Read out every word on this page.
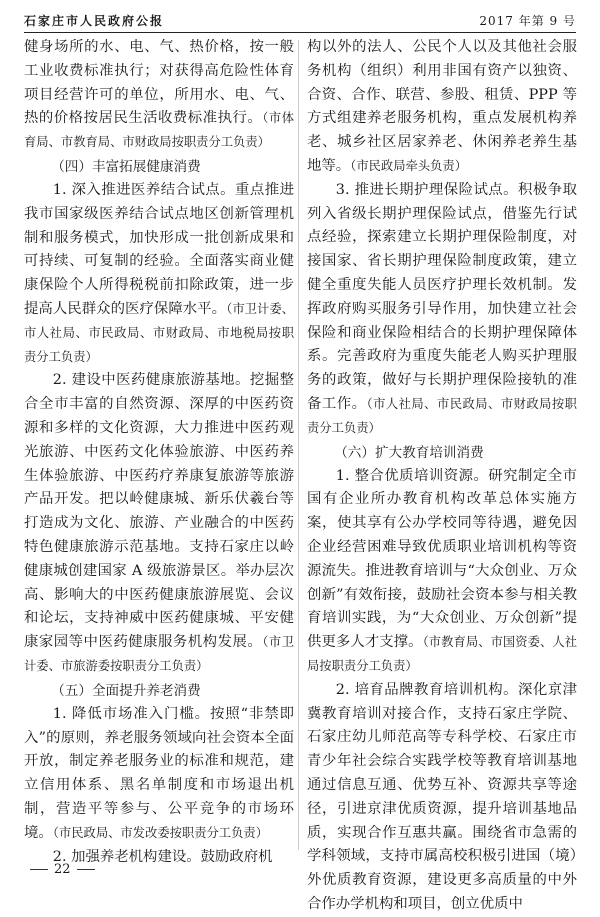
石家庄市人民政府公报	2017 年第 9 号

健身场所的水、电、气、热价格，按一般工业收费标准执行；对获得高危险性体育项目经营许可的单位，所用水、电、气、热的价格按居民生活收费标准执行。（市体育局、市教育局、市财政局按职责分工负责）

（四）丰富拓展健康消费

1. 深入推进医养结合试点。重点推进我市国家级医养结合试点地区创新管理机制和服务模式，加快形成一批创新成果和可持续、可复制的经验。全面落实商业健康保险个人所得税税前扣除政策，进一步提高人民群众的医疗保障水平。（市卫计委、市人社局、市民政局、市财政局、市地税局按职责分工负责）

2. 建设中医药健康旅游基地。挖掘整合全市丰富的自然资源、深厚的中医药资源和多样的文化资源，大力推进中医药观光旅游、中医药文化体验旅游、中医药养生体验旅游、中医药疗养康复旅游等旅游产品开发。把以岭健康城、新乐伏羲台等打造成为文化、旅游、产业融合的中医药特色健康旅游示范基地。支持石家庄以岭健康城创建国家 A 级旅游景区。举办层次高、影响大的中医药健康旅游展览、会议和论坛，支持神威中医药健康城、平安健康家园等中医药健康服务机构发展。（市卫计委、市旅游委按职责分工负责）

（五）全面提升养老消费

1. 降低市场准入门槛。按照“非禁即入”的原则，养老服务领域向社会资本全面开放，制定养老服务业的标准和规范，建立信用体系、黑名单制度和市场退出机制，营造平等参与、公平竞争的市场环境。（市民政局、市发改委按职责分工负责）

2. 加强养老机构建设。鼓励政府机

构以外的法人、公民个人以及其他社会服务机构（组织）利用非国有资产以独资、合资、合作、联营、参股、租赁、PPP 等方式组建养老服务机构，重点发展机构养老、城乡社区居家养老、休闲养老养生基地等。（市民政局牵头负责）

3. 推进长期护理保险试点。积极争取列入省级长期护理保险试点，借鉴先行试点经验，探索建立长期护理保险制度，对接国家、省长期护理保险制度政策，建立健全重度失能人员医疗护理长效机制。发挥政府购买服务引导作用，加快建立社会保险和商业保险相结合的长期护理保障体系。完善政府为重度失能老人购买护理服务的政策，做好与长期护理保险接轨的准备工作。（市人社局、市民政局、市财政局按职责分工负责）

（六）扩大教育培训消费

1. 整合优质培训资源。研究制定全市国有企业所办教育机构改革总体实施方案，使其享有公办学校同等待遇，避免因企业经营困难导致优质职业培训机构等资源流失。推进教育培训与“大众创业、万众创新”有效衔接，鼓励社会资本参与相关教育培训实践，为“大众创业、万众创新”提供更多人才支撑。（市教育局、市国资委、人社局按职责分工负责）

2. 培育品牌教育培训机构。深化京津冀教育培训对接合作，支持石家庄学院、石家庄幼儿师范高等专科学校、石家庄市青少年社会综合实践学校等教育培训基地通过信息互通、优势互补、资源共享等途径，引进京津优质资源，提升培训基地品质，实现合作互惠共赢。围绕省市急需的学科领域，支持市属高校积极引进国（境）外优质教育资源，建设更多高质量的中外合作办学机构和项目，创立优质中

22
